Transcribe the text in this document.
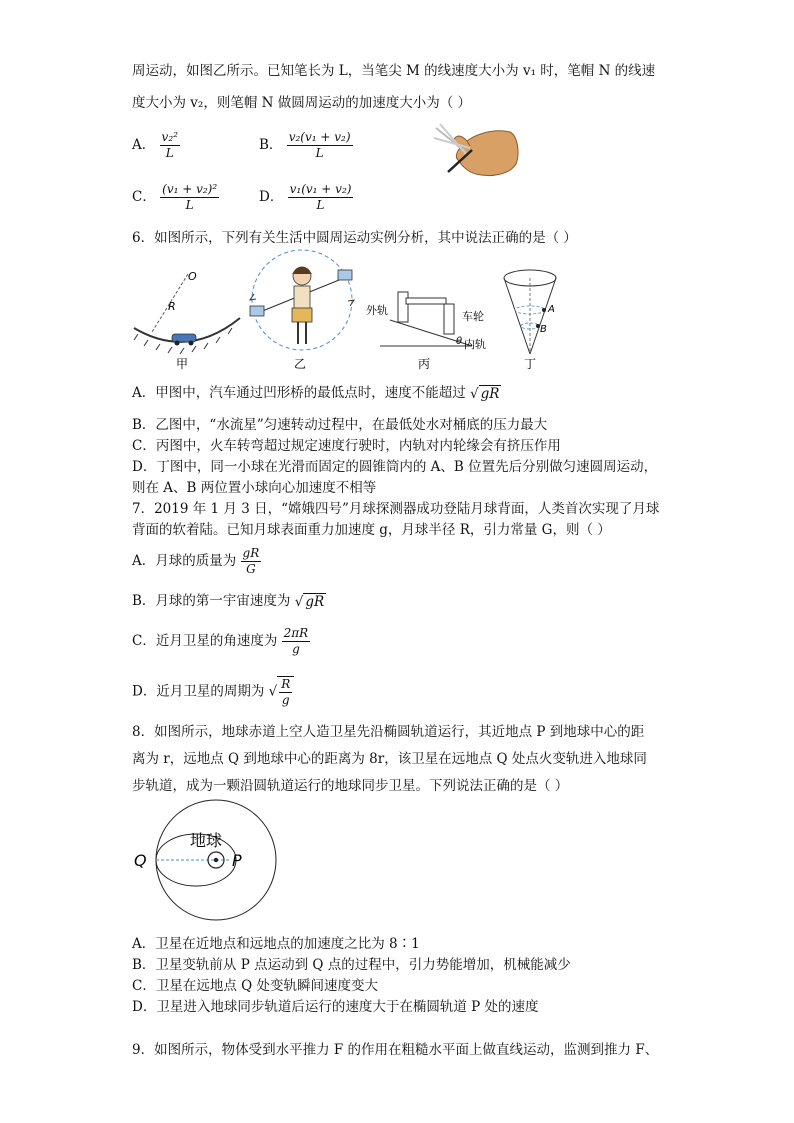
周运动，如图乙所示。已知笔长为 L，当笔尖 M 的线速度大小为 v₁ 时，笔帽 N 的线速
度大小为 v₂，则笔帽 N 做圆周运动的加速度大小为（ ）
A． $\frac{\text{v₂²}}{L}$	B． $\frac{\text{v₂(v₁ + v₂)}}{L}$
C． $\frac{\text{(v₁ + v₂)²}}{L}$	D． $\frac{\text{v₁(v₁ + v₂)}}{L}$
6．如图所示，下列有关生活中圆周运动实例分析，其中说法正确的是（ ）
O
R
甲	乙
外轨	车轮
内轨
θ
丙
A
B
丁
A．甲图中，汽车通过凹形桥的最低点时，速度不能超过 √ gR
B．乙图中，“水流星”匀速转动过程中，在最低处水对桶底的压力最大
C．丙图中，火车转弯超过规定速度行驶时，内轨对内轮缘会有挤压作用
D．丁图中，同一小球在光滑而固定的圆锥筒内的 A、B 位置先后分别做匀速圆周运动，
则在 A、B 两位置小球向心加速度不相等
7．2019 年 1 月 3 日，“嫦娥四号”月球探测器成功登陆月球背面，人类首次实现了月球
背面的软着陆。已知月球表面重力加速度 g，月球半径 R，引力常量 G，则（ ）
A．月球的质量为 $\frac{gR}{G}$
B．月球的第一宇宙速度为 √ gR
C．近月卫星的角速度为 $\frac{2\pi R}{g}$
D．近月卫星的周期为 √ $\frac{R}{g}$
8．如图所示，地球赤道上空人造卫星先沿椭圆轨道运行，其近地点 P 到地球中心的距
离为 r，远地点 Q 到地球中心的距离为 8r，该卫星在远地点 Q 处点火变轨进入地球同
步轨道，成为一颗沿圆轨道运行的地球同步卫星。下列说法正确的是（ ）
地球
Q	P
A．卫星在近地点和远地点的加速度之比为 8∶1
B．卫星变轨前从 P 点运动到 Q 点的过程中，引力势能增加，机械能减少
C．卫星在远地点 Q 处变轨瞬间速度变大
D．卫星进入地球同步轨道后运行的速度大于在椭圆轨道 P 处的速度
9．如图所示，物体受到水平推力 F 的作用在粗糙水平面上做直线运动，监测到推力 F、
